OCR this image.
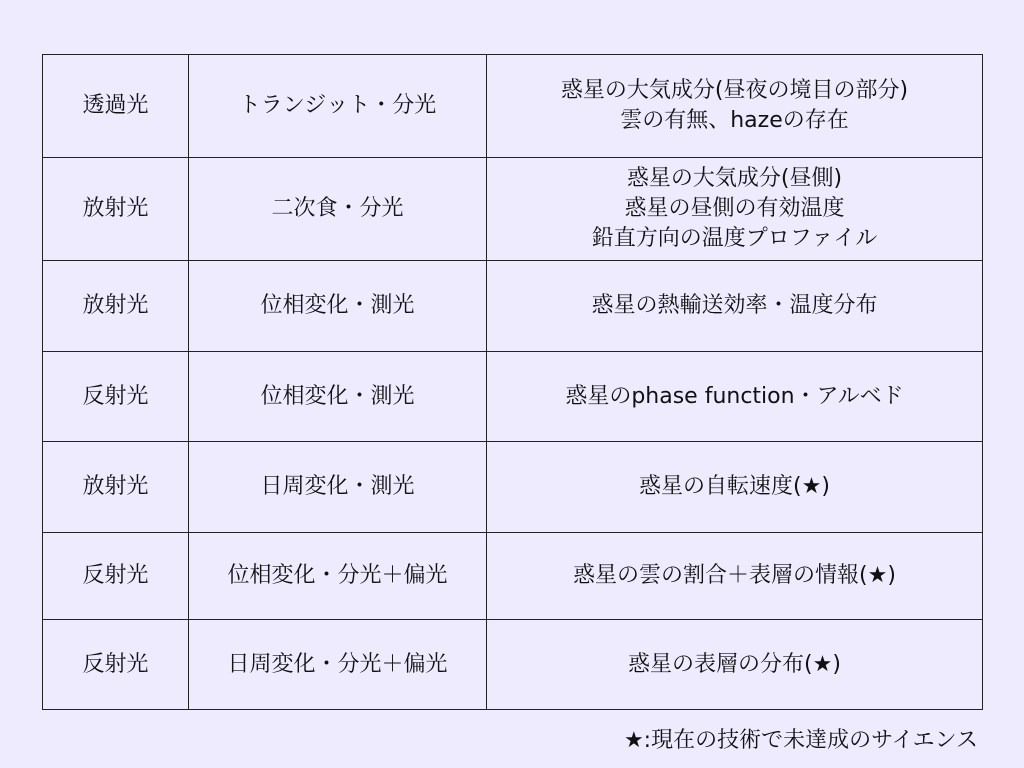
透過光	トランジット・分光	惑星の大気成分(昼夜の境目の部分)
雲の有無、hazeの存在

放射光	二次食・分光	惑星の大気成分(昼側)
惑星の昼側の有効温度
鉛直方向の温度プロファイル

放射光	位相変化・測光	惑星の熱輸送効率・温度分布

反射光	位相変化・測光	惑星のphase function・アルベド

放射光	日周変化・測光	惑星の自転速度(★)

反射光	位相変化・分光＋偏光	惑星の雲の割合＋表層の情報(★)

反射光	日周変化・分光＋偏光	惑星の表層の分布(★)
★:現在の技術で未達成のサイエンス
